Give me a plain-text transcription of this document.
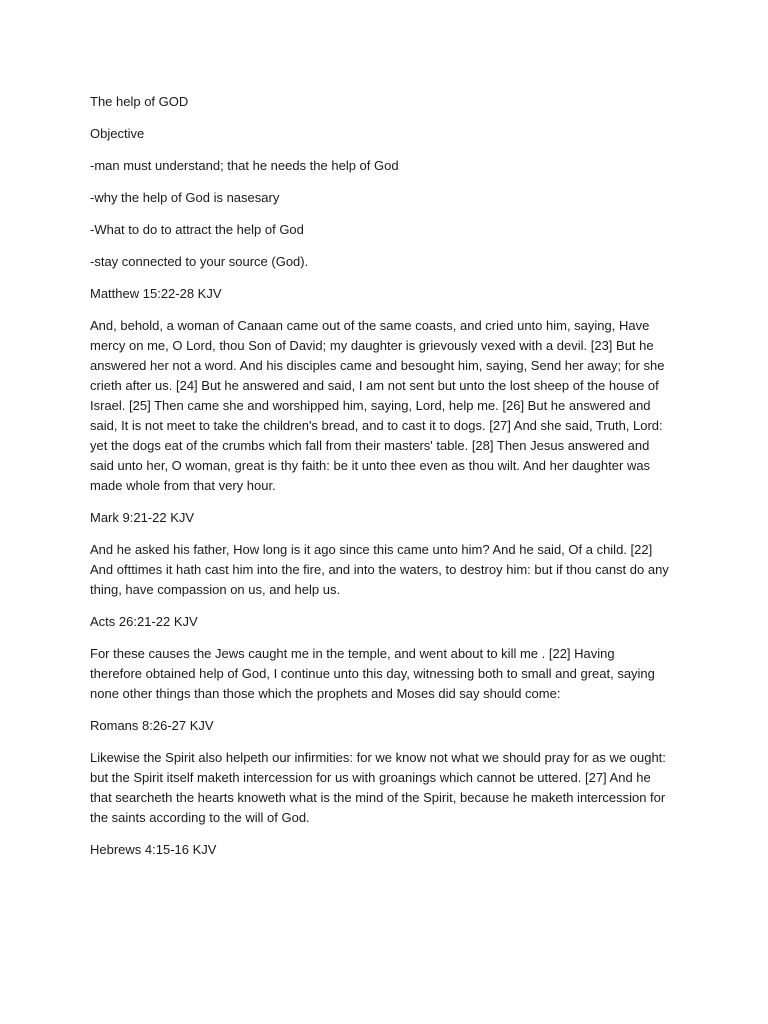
The help of GOD

Objective

-man must understand; that he needs the help of God

-why the help of God is nasesary

-What to do to attract the help of God

-stay connected to your source (God).

Matthew 15:22-28 KJV

And, behold, a woman of Canaan came out of the same coasts, and cried unto him, saying, Have mercy on me, O Lord, thou Son of David; my daughter is grievously vexed with a devil. [23] But he answered her not a word. And his disciples came and besought him, saying, Send her away; for she crieth after us. [24] But he answered and said, I am not sent but unto the lost sheep of the house of Israel. [25] Then came she and worshipped him, saying, Lord, help me. [26] But he answered and said, It is not meet to take the children's bread, and to cast it to dogs. [27] And she said, Truth, Lord: yet the dogs eat of the crumbs which fall from their masters' table. [28] Then Jesus answered and said unto her, O woman, great is thy faith: be it unto thee even as thou wilt. And her daughter was made whole from that very hour.

Mark 9:21-22 KJV

And he asked his father, How long is it ago since this came unto him? And he said, Of a child. [22] And ofttimes it hath cast him into the fire, and into the waters, to destroy him: but if thou canst do any thing, have compassion on us, and help us.

Acts 26:21-22 KJV

For these causes the Jews caught me in the temple, and went about to kill me . [22] Having therefore obtained help of God, I continue unto this day, witnessing both to small and great, saying none other things than those which the prophets and Moses did say should come:

Romans 8:26-27 KJV

Likewise the Spirit also helpeth our infirmities: for we know not what we should pray for as we ought: but the Spirit itself maketh intercession for us with groanings which cannot be uttered. [27] And he that searcheth the hearts knoweth what is the mind of the Spirit, because he maketh intercession for the saints according to the will of God.

Hebrews 4:15-16 KJV
